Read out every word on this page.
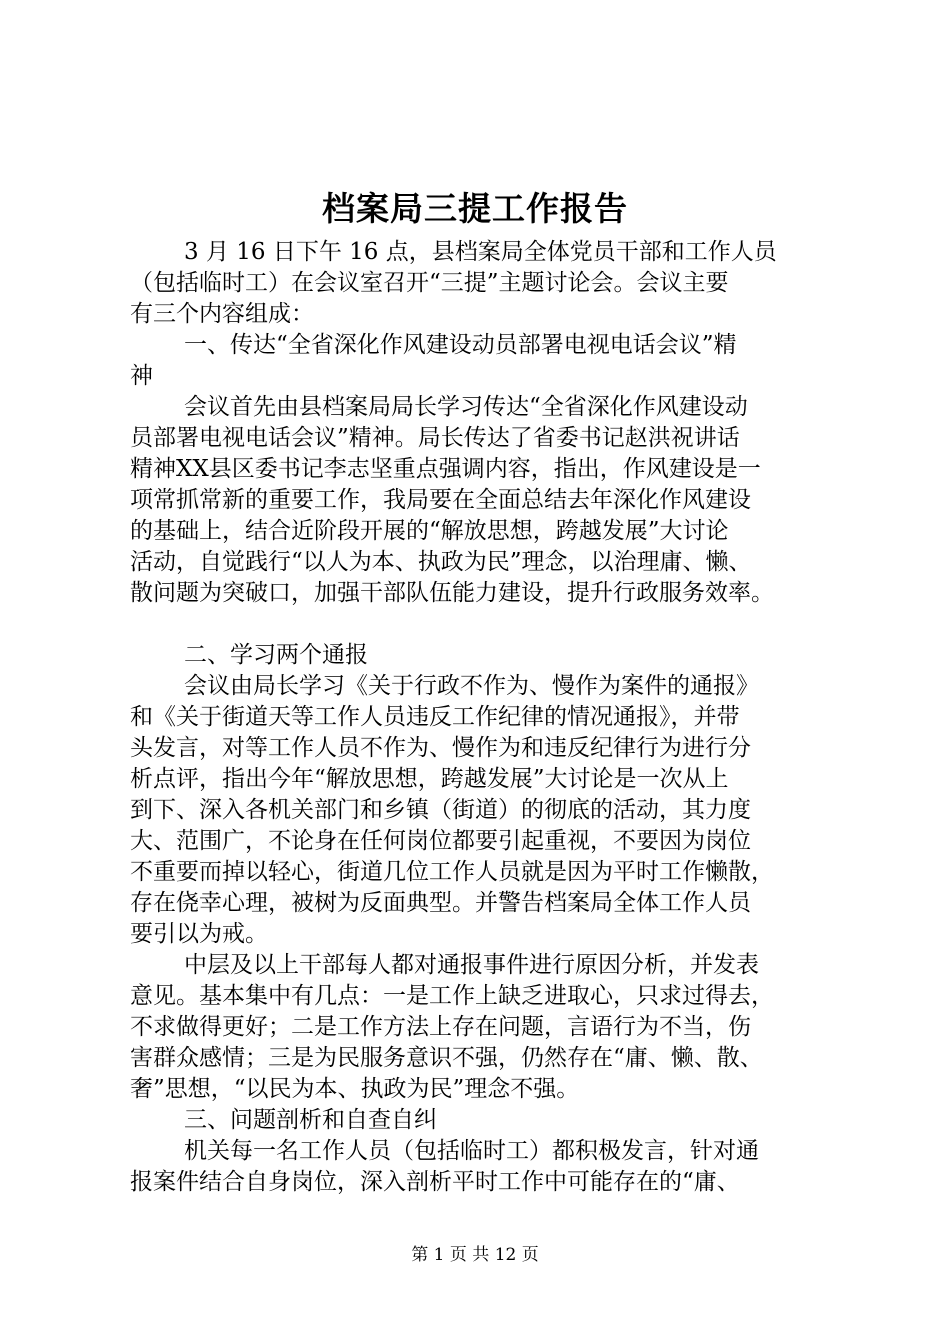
档案局三提工作报告
3 月 16 日下午 16 点，县档案局全体党员干部和工作人员
（包括临时工）在会议室召开“三提”主题讨论会。会议主要
有三个内容组成：
一、传达“全省深化作风建设动员部署电视电话会议”精
神
会议首先由县档案局局长学习传达“全省深化作风建设动
员部署电视电话会议”精神。局长传达了省委书记赵洪祝讲话
精神XX县区委书记李志坚重点强调内容，指出，作风建设是一
项常抓常新的重要工作，我局要在全面总结去年深化作风建设
的基础上，结合近阶段开展的“解放思想，跨越发展”大讨论
活动，自觉践行“以人为本、执政为民”理念，以治理庸、懒、
散问题为突破口，加强干部队伍能力建设，提升行政服务效率。
二、学习两个通报
会议由局长学习《关于行政不作为、慢作为案件的通报》
和《关于街道天等工作人员违反工作纪律的情况通报》，并带
头发言，对等工作人员不作为、慢作为和违反纪律行为进行分
析点评，指出今年“解放思想，跨越发展”大讨论是一次从上
到下、深入各机关部门和乡镇（街道）的彻底的活动，其力度
大、范围广，不论身在任何岗位都要引起重视，不要因为岗位
不重要而掉以轻心，街道几位工作人员就是因为平时工作懒散，
存在侥幸心理，被树为反面典型。并警告档案局全体工作人员
要引以为戒。
中层及以上干部每人都对通报事件进行原因分析，并发表
意见。基本集中有几点：一是工作上缺乏进取心，只求过得去，
不求做得更好；二是工作方法上存在问题，言语行为不当，伤
害群众感情；三是为民服务意识不强，仍然存在“庸、懒、散、
奢”思想，“以民为本、执政为民”理念不强。
三、问题剖析和自查自纠
机关每一名工作人员（包括临时工）都积极发言，针对通
报案件结合自身岗位，深入剖析平时工作中可能存在的“庸、
第 1 页 共 12 页
